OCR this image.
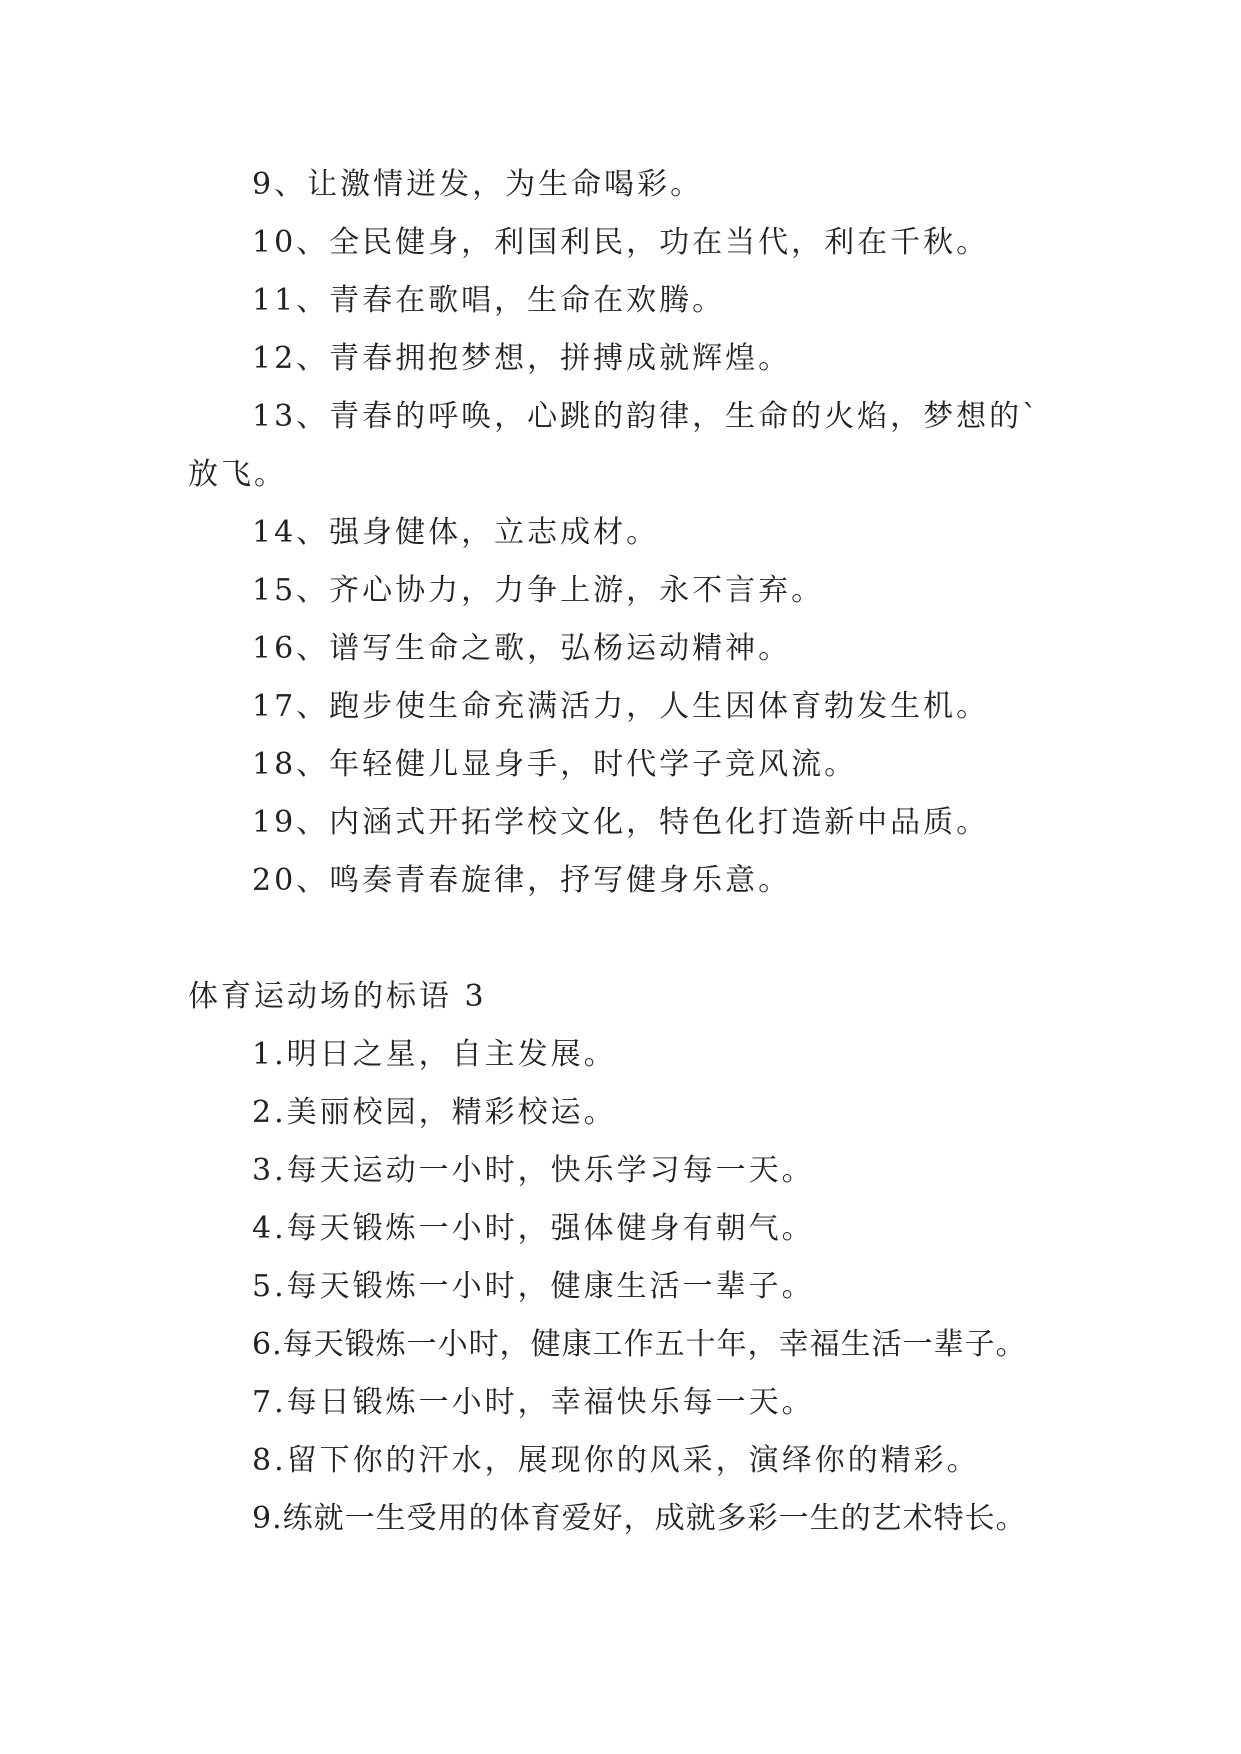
9、让激情迸发，为生命喝彩。
10、全民健身，利国利民，功在当代，利在千秋。
11、青春在歌唱，生命在欢腾。
12、青春拥抱梦想，拼搏成就辉煌。
13、青春的呼唤，心跳的韵律，生命的火焰，梦想的`
放飞。
14、强身健体，立志成材。
15、齐心协力，力争上游，永不言弃。
16、谱写生命之歌，弘杨运动精神。
17、跑步使生命充满活力，人生因体育勃发生机。
18、年轻健儿显身手，时代学子竞风流。
19、内涵式开拓学校文化，特色化打造新中品质。
20、鸣奏青春旋律，抒写健身乐意。
体育运动场的标语 3
1.明日之星，自主发展。
2.美丽校园，精彩校运。
3.每天运动一小时，快乐学习每一天。
4.每天锻炼一小时，强体健身有朝气。
5.每天锻炼一小时，健康生活一辈子。
6.每天锻炼一小时，健康工作五十年，幸福生活一辈子。
7.每日锻炼一小时，幸福快乐每一天。
8.留下你的汗水，展现你的风采，演绎你的精彩。
9.练就一生受用的体育爱好，成就多彩一生的艺术特长。
